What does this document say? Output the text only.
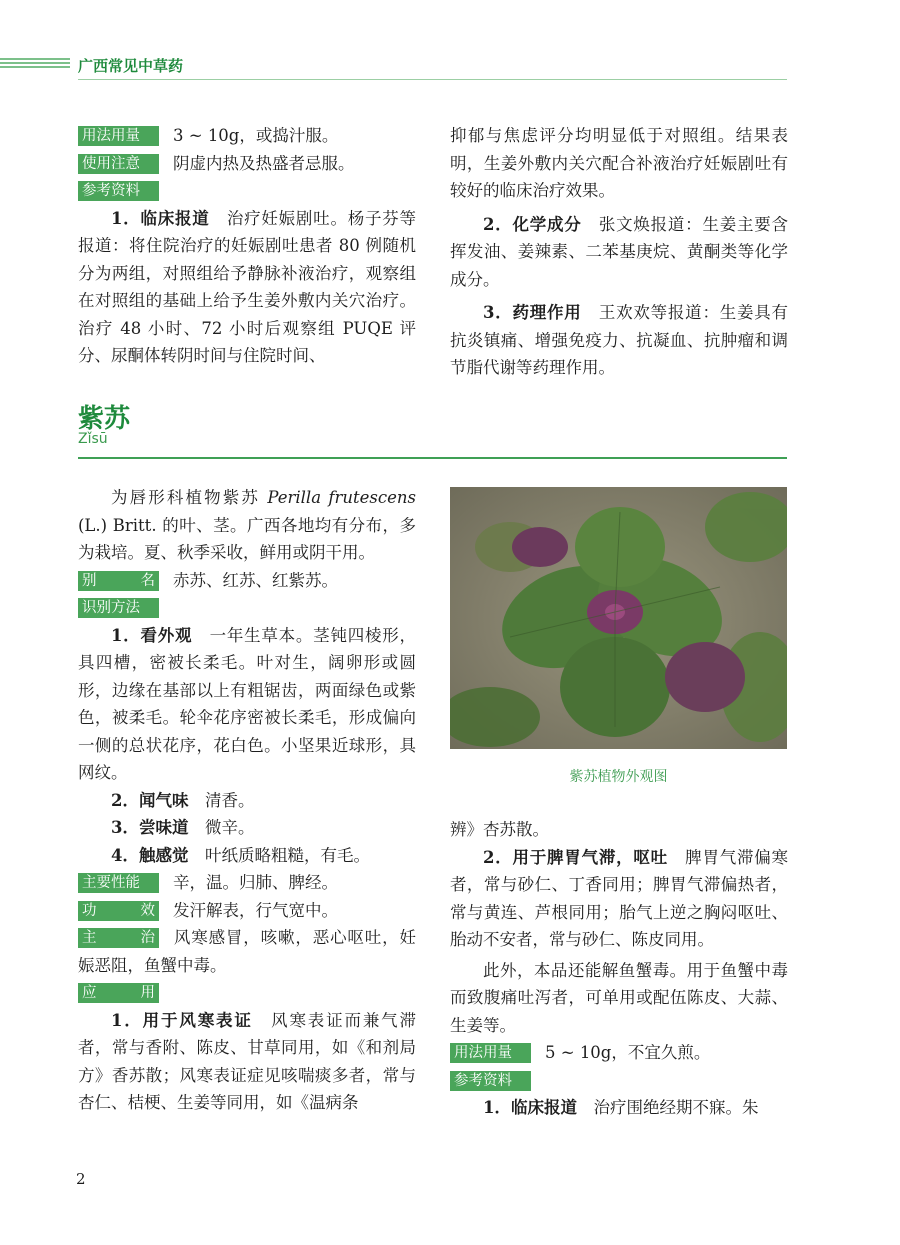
广西常见中草药

用法用量 3 ~ 10g，或捣汁服。

使用注意 阴虚内热及热盛者忌服。

参考资料

1．临床报道　 治疗妊娠剧吐。杨子芬等报道：将住院治疗的妊娠剧吐患者 80 例随机分为两组，对照组给予静脉补液治疗，观察组在对照组的基础上给予生姜外敷内关穴治疗。治疗 48 小时、72 小时后观察组 PUQE 评分、尿酮体转阴时间与住院时间、

抑郁与焦虑评分均明显低于对照组。结果表明，生姜外敷内关穴配合补液治疗妊娠剧吐有较好的临床治疗效果。

2．化学成分　 张文焕报道：生姜主要含挥发油、姜辣素、二苯基庚烷、黄酮类等化学成分。

3．药理作用　 王欢欢等报道：生姜具有抗炎镇痛、增强免疫力、抗凝血、抗肿瘤和调节脂代谢等药理作用。

紫苏
Zǐsū

为唇形科植物紫苏 Perilla frutescens (L.) Britt. 的叶、茎。广西各地均有分布，多为栽培。夏、秋季采收，鲜用或阴干用。

别　　名 赤苏、红苏、红紫苏。

识别方法

1．看外观　 一年生草本。茎钝四棱形，具四槽，密被长柔毛。叶对生，阔卵形或圆形，边缘在基部以上有粗锯齿，两面绿色或紫色，被柔毛。轮伞花序密被长柔毛，形成偏向一侧的总状花序，花白色。小坚果近球形，具网纹。

2．闻气味　 清香。

3．尝味道　 微辛。

4．触感觉　 叶纸质略粗糙，有毛。

主要性能 辛，温。归肺、脾经。

功　　效 发汗解表，行气宽中。

主　　治 风寒感冒，咳嗽，恶心呕吐，妊娠恶阻，鱼蟹中毒。

应　　用

1．用于风寒表证　 风寒表证而兼气滞者，常与香附、陈皮、甘草同用，如《和剂局方》香苏散；风寒表证症见咳喘痰多者，常与杏仁、桔梗、生姜等同用，如《温病条

紫苏植物外观图

辨》杏苏散。

2．用于脾胃气滞，呕吐　 脾胃气滞偏寒者，常与砂仁、丁香同用；脾胃气滞偏热者，常与黄连、芦根同用；胎气上逆之胸闷呕吐、胎动不安者，常与砂仁、陈皮同用。

此外，本品还能解鱼蟹毒。用于鱼蟹中毒而致腹痛吐泻者，可单用或配伍陈皮、大蒜、生姜等。

用法用量 5 ~ 10g，不宜久煎。

参考资料

1．临床报道　 治疗围绝经期不寐。朱

2
